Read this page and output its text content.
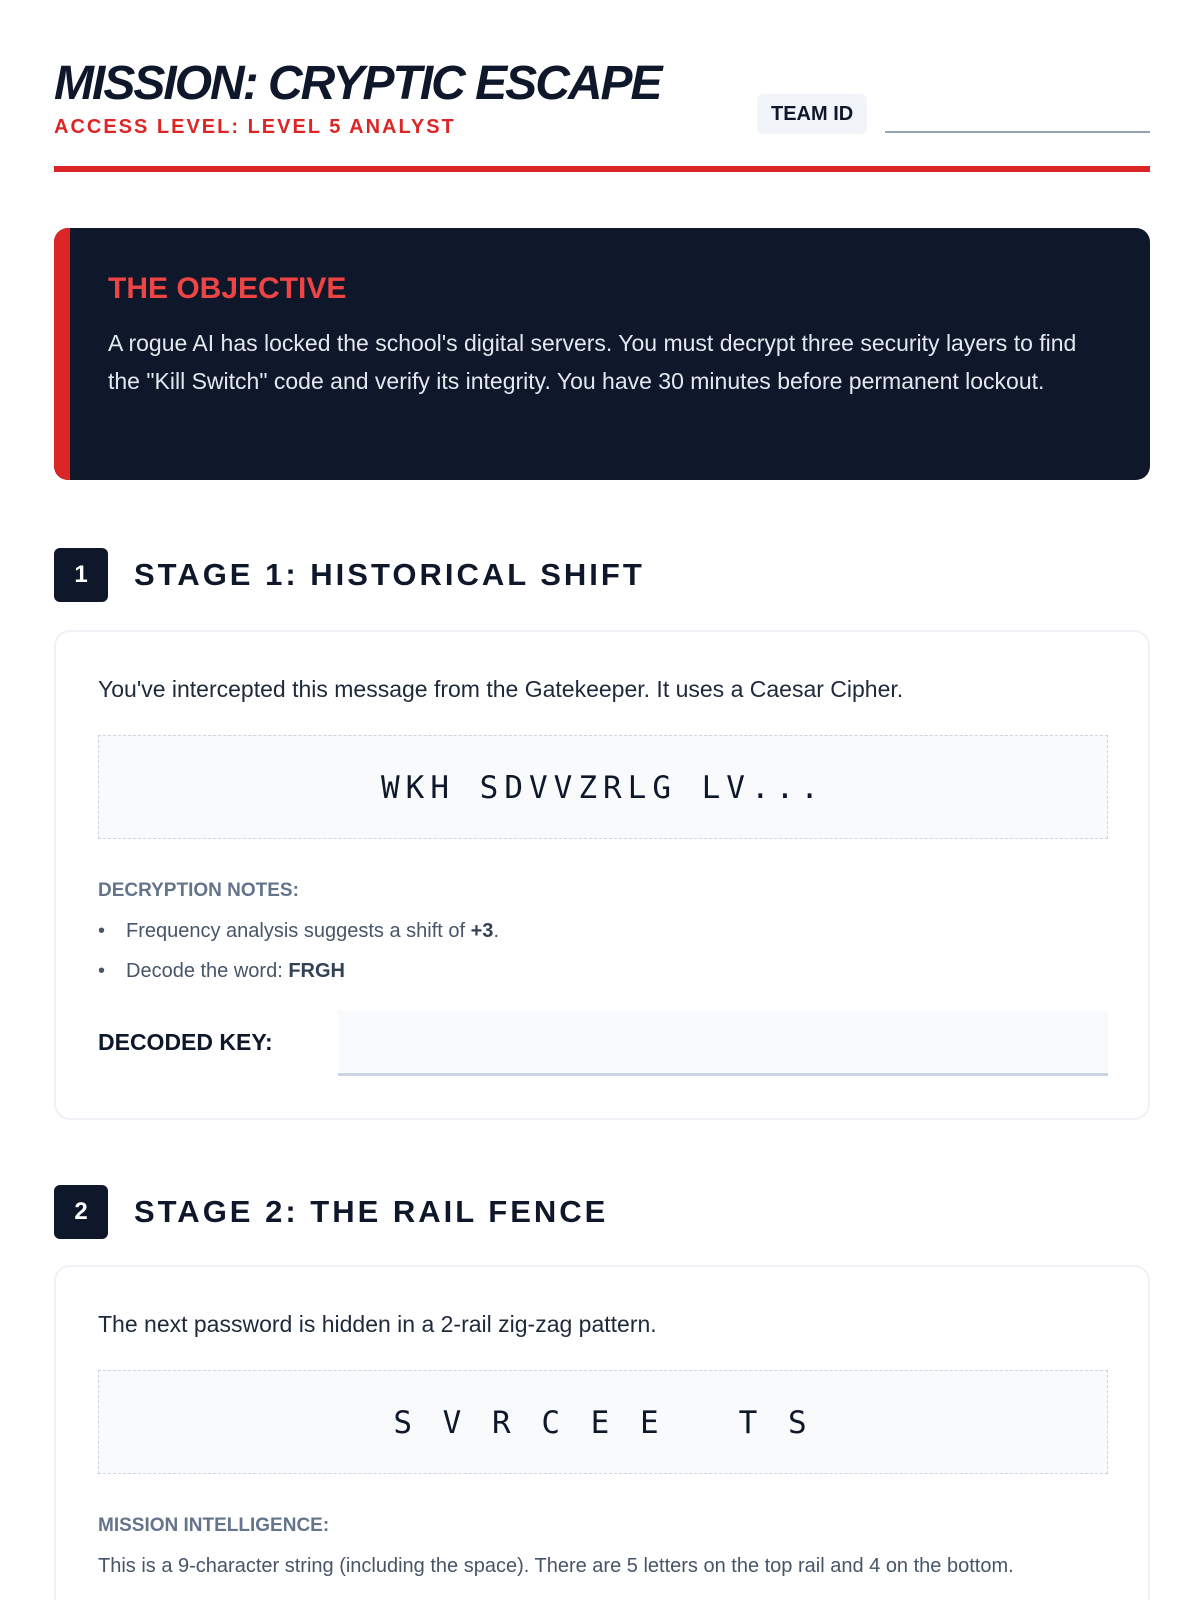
MISSION: CRYPTIC ESCAPE
ACCESS LEVEL: LEVEL 5 ANALYST
TEAM ID
THE OBJECTIVE
A rogue AI has locked the school's digital servers. You must decrypt three security layers to find the "Kill Switch" code and verify its integrity. You have 30 minutes before permanent lockout.
1	STAGE 1: HISTORICAL SHIFT
You've intercepted this message from the Gatekeeper. It uses a Caesar Cipher.
WKH SDVVZRLG LV...
DECRYPTION NOTES:
• Frequency analysis suggests a shift of +3.
• Decode the word: FRGH
DECODED KEY:
2	STAGE 2: THE RAIL FENCE
The next password is hidden in a 2-rail zig-zag pattern.
S V R C E E   T S
MISSION INTELLIGENCE:
This is a 9-character string (including the space). There are 5 letters on the top rail and 4 on the bottom.
